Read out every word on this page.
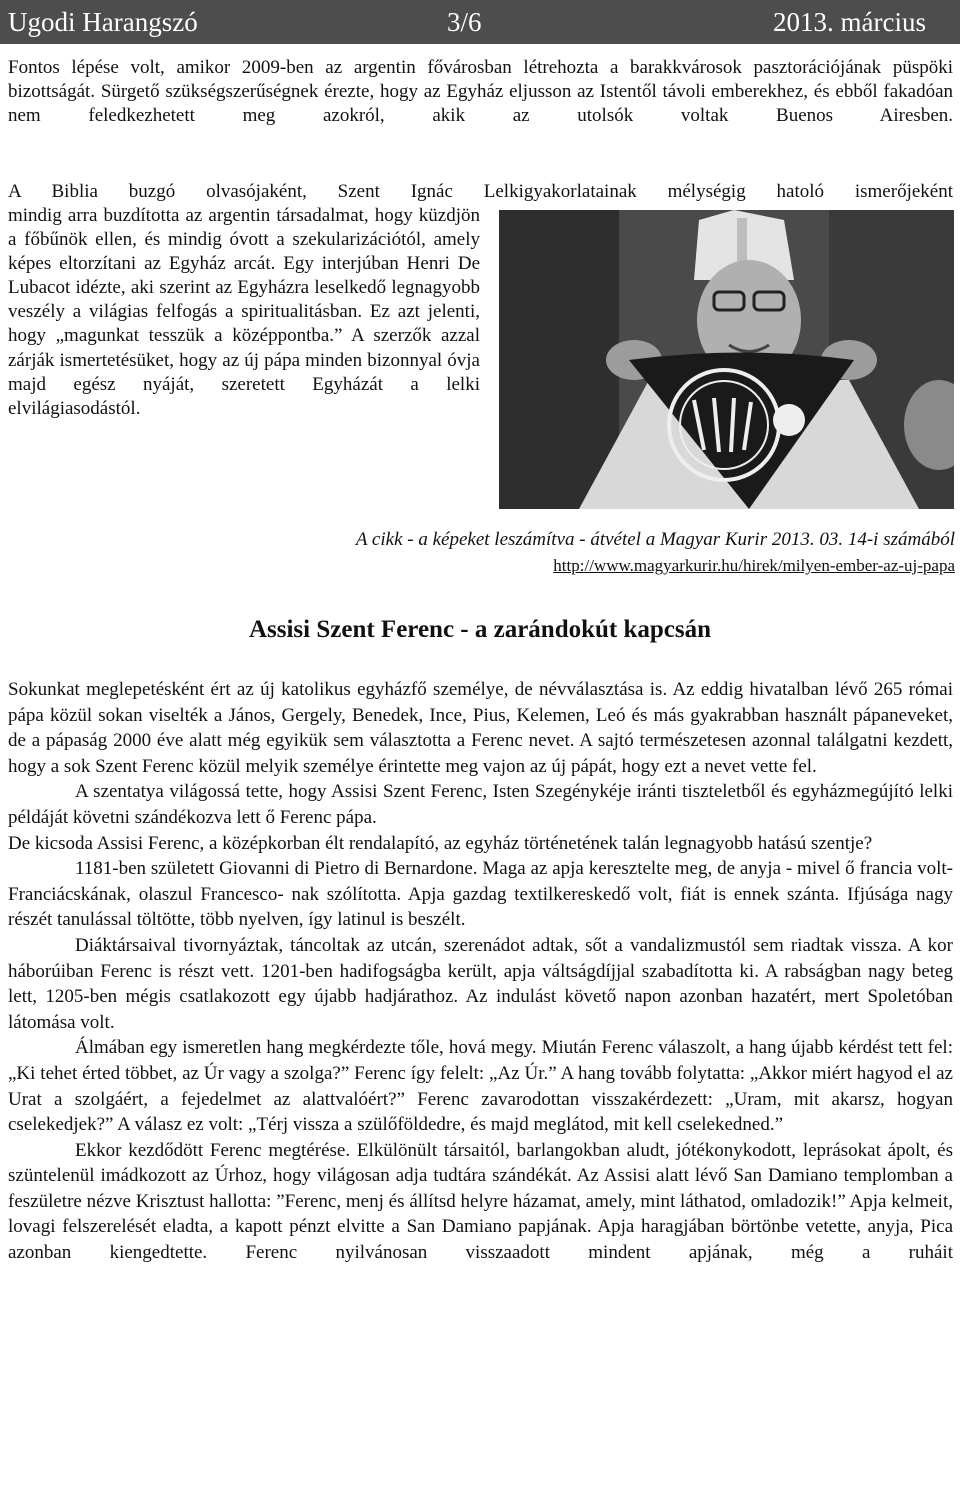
Ugodi Harangszó	3/6	2013. március
Fontos lépése volt, amikor 2009-ben az argentin fővárosban létrehozta a barakkvárosok pasztorációjának püspöki bizottságát. Sürgető szükségszerűségnek érezte, hogy az Egyház eljusson az Istentől távoli emberekhez, és ebből fakadóan nem feledkezhetett meg azokról, akik az utolsók voltak Buenos Airesben.
A Biblia buzgó olvasójaként, Szent Ignác Lelkigyakorlatainak mélységig hatoló ismerőjeként
mindig arra buzdította az argentin társadalmat, hogy küzdjön a főbűnök ellen, és mindig óvott a szekularizációtól, amely képes eltorzítani az Egyház arcát. Egy interjúban Henri De Lubacot idézte, aki szerint az Egyházra leselkedő legnagyobb veszély a világias felfogás a spiritualitásban. Ez azt jelenti, hogy „magunkat tesszük a középpontba.” A szerzők azzal zárják ismertetésüket, hogy az új pápa minden bizonnyal óvja majd egész nyáját, szeretett Egyházát a lelki elvilágiasodástól.
A cikk - a képeket leszámítva - átvétel a Magyar Kurir 2013. 03. 14-i számából
http://www.magyarkurir.hu/hirek/milyen-ember-az-uj-papa
Assisi Szent Ferenc - a zarándokút kapcsán

Sokunkat meglepetésként ért az új katolikus egyházfő személye, de névválasztása is. Az eddig hivatalban lévő 265 római pápa közül sokan viselték a János, Gergely, Benedek, Ince, Pius, Kelemen, Leó és más gyakrabban használt pápaneveket, de a pápaság 2000 éve alatt még egyikük sem választotta a Ferenc nevet. A sajtó természetesen azonnal találgatni kezdett, hogy a sok Szent Ferenc közül melyik személye érintette meg vajon az új pápát, hogy ezt a nevet vette fel.

A szentatya világossá tette, hogy Assisi Szent Ferenc, Isten Szegénykéje iránti tiszteletből és egyházmegújító lelki példáját követni szándékozva lett ő Ferenc pápa.

De kicsoda Assisi Ferenc, a középkorban élt rendalapító, az egyház történetének talán legnagyobb hatású szentje?

1181-ben született Giovanni di Pietro di Bernardone. Maga az apja keresztelte meg, de anyja - mivel ő francia volt- Franciácskának, olaszul Francesco- nak szólította. Apja gazdag textilkereskedő volt, fiát is ennek szánta. Ifjúsága nagy részét tanulással töltötte, több nyelven, így latinul is beszélt.

Diáktársaival tivornyáztak, táncoltak az utcán, szerenádot adtak, sőt a vandalizmustól sem riadtak vissza. A kor háborúiban Ferenc is részt vett. 1201-ben hadifogságba került, apja váltságdíjjal szabadította ki. A rabságban nagy beteg lett, 1205-ben mégis csatlakozott egy újabb hadjárathoz. Az indulást követő napon azonban hazatért, mert Spoletóban látomása volt.

Álmában egy ismeretlen hang megkérdezte tőle, hová megy. Miután Ferenc válaszolt, a hang újabb kérdést tett fel: „Ki tehet érted többet, az Úr vagy a szolga?” Ferenc így felelt: „Az Úr.” A hang tovább folytatta: „Akkor miért hagyod el az Urat a szolgáért, a fejedelmet az alattvalóért?” Ferenc zavarodottan visszakérdezett: „Uram, mit akarsz, hogyan cselekedjek?” A válasz ez volt: „Térj vissza a szülőföldedre, és majd meglátod, mit kell cselekedned.”

Ekkor kezdődött Ferenc megtérése. Elkülönült társaitól, barlangokban aludt, jótékonykodott, leprásokat ápolt, és szüntelenül imádkozott az Úrhoz, hogy világosan adja tudtára szándékát. Az Assisi alatt lévő San Damiano templomban a feszületre nézve Krisztust hallotta: ”Ferenc, menj és állítsd helyre házamat, amely, mint láthatod, omladozik!” Apja kelmeit, lovagi felszerelését eladta, a kapott pénzt elvitte a San Damiano papjának. Apja haragjában börtönbe vetette, anyja, Pica azonban kiengedtette. Ferenc nyilvánosan visszaadott mindent apjának, még a ruháit
